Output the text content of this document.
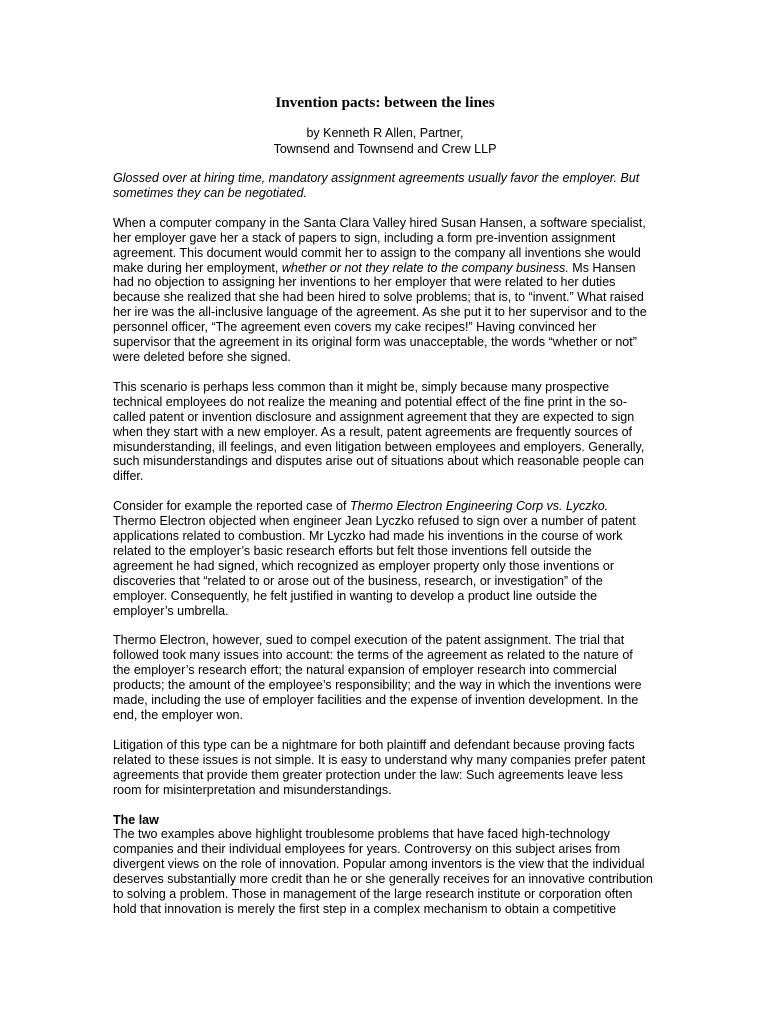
Invention pacts: between the lines
by Kenneth R Allen, Partner,
Townsend and Townsend and Crew LLP
Glossed over at hiring time, mandatory assignment agreements usually favor the employer. But
sometimes they can be negotiated.
When a computer company in the Santa Clara Valley hired Susan Hansen, a software specialist,
her employer gave her a stack of papers to sign, including a form pre-invention assignment
agreement. This document would commit her to assign to the company all inventions she would
make during her employment, whether or not they relate to the company business. Ms Hansen
had no objection to assigning her inventions to her employer that were related to her duties
because she realized that she had been hired to solve problems; that is, to “invent.” What raised
her ire was the all-inclusive language of the agreement. As she put it to her supervisor and to the
personnel officer, “The agreement even covers my cake recipes!” Having convinced her
supervisor that the agreement in its original form was unacceptable, the words “whether or not”
were deleted before she signed.
This scenario is perhaps less common than it might be, simply because many prospective
technical employees do not realize the meaning and potential effect of the fine print in the so-
called patent or invention disclosure and assignment agreement that they are expected to sign
when they start with a new employer. As a result, patent agreements are frequently sources of
misunderstanding, ill feelings, and even litigation between employees and employers. Generally,
such misunderstandings and disputes arise out of situations about which reasonable people can
differ.
Consider for example the reported case of Thermo Electron Engineering Corp vs. Lyczko.
Thermo Electron objected when engineer Jean Lyczko refused to sign over a number of patent
applications related to combustion. Mr Lyczko had made his inventions in the course of work
related to the employer’s basic research efforts but felt those inventions fell outside the
agreement he had signed, which recognized as employer property only those inventions or
discoveries that “related to or arose out of the business, research, or investigation” of the
employer. Consequently, he felt justified in wanting to develop a product line outside the
employer’s umbrella.
Thermo Electron, however, sued to compel execution of the patent assignment. The trial that
followed took many issues into account: the terms of the agreement as related to the nature of
the employer’s research effort; the natural expansion of employer research into commercial
products; the amount of the employee’s responsibility; and the way in which the inventions were
made, including the use of employer facilities and the expense of invention development. In the
end, the employer won.
Litigation of this type can be a nightmare for both plaintiff and defendant because proving facts
related to these issues is not simple. It is easy to understand why many companies prefer patent
agreements that provide them greater protection under the law: Such agreements leave less
room for misinterpretation and misunderstandings.
The law
The two examples above highlight troublesome problems that have faced high-technology
companies and their individual employees for years. Controversy on this subject arises from
divergent views on the role of innovation. Popular among inventors is the view that the individual
deserves substantially more credit than he or she generally receives for an innovative contribution
to solving a problem. Those in management of the large research institute or corporation often
hold that innovation is merely the first step in a complex mechanism to obtain a competitive
